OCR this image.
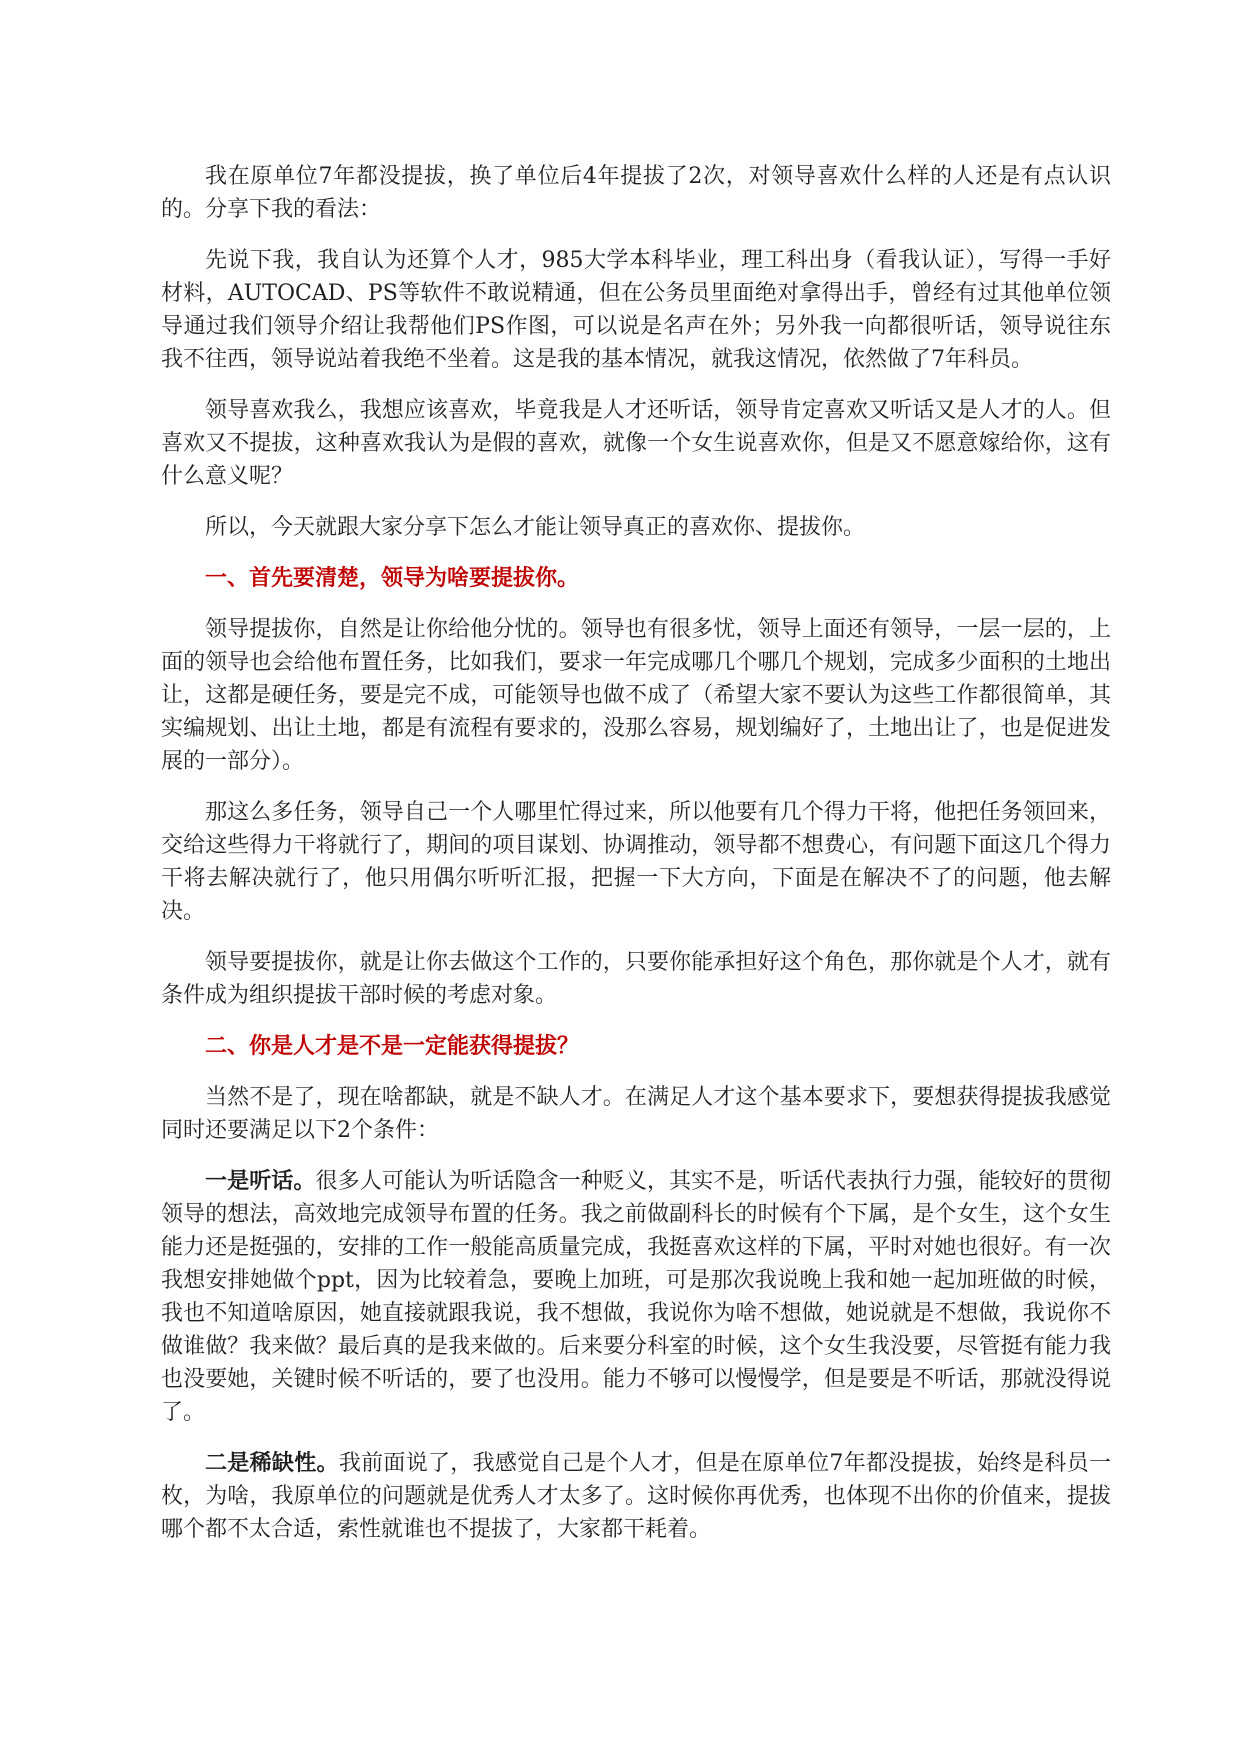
我在原单位7年都没提拔，换了单位后4年提拔了2次，对领导喜欢什么样的人还是有点认识的。分享下我的看法：

先说下我，我自认为还算个人才，985大学本科毕业，理工科出身（看我认证），写得一手好材料，AUTOCAD、PS等软件不敢说精通，但在公务员里面绝对拿得出手，曾经有过其他单位领导通过我们领导介绍让我帮他们PS作图，可以说是名声在外；另外我一向都很听话，领导说往东我不往西，领导说站着我绝不坐着。这是我的基本情况，就我这情况，依然做了7年科员。

领导喜欢我么，我想应该喜欢，毕竟我是人才还听话，领导肯定喜欢又听话又是人才的人。但喜欢又不提拔，这种喜欢我认为是假的喜欢，就像一个女生说喜欢你，但是又不愿意嫁给你，这有什么意义呢？

所以，今天就跟大家分享下怎么才能让领导真正的喜欢你、提拔你。

一、首先要清楚，领导为啥要提拔你。

领导提拔你，自然是让你给他分忧的。领导也有很多忧，领导上面还有领导，一层一层的，上面的领导也会给他布置任务，比如我们，要求一年完成哪几个哪几个规划，完成多少面积的土地出让，这都是硬任务，要是完不成，可能领导也做不成了（希望大家不要认为这些工作都很简单，其实编规划、出让土地，都是有流程有要求的，没那么容易，规划编好了，土地出让了，也是促进发展的一部分）。

那这么多任务，领导自己一个人哪里忙得过来，所以他要有几个得力干将，他把任务领回来，交给这些得力干将就行了，期间的项目谋划、协调推动，领导都不想费心，有问题下面这几个得力干将去解决就行了，他只用偶尔听听汇报，把握一下大方向，下面是在解决不了的问题，他去解决。

领导要提拔你，就是让你去做这个工作的，只要你能承担好这个角色，那你就是个人才，就有条件成为组织提拔干部时候的考虑对象。

二、你是人才是不是一定能获得提拔？

当然不是了，现在啥都缺，就是不缺人才。在满足人才这个基本要求下，要想获得提拔我感觉同时还要满足以下2个条件：

一是听话。很多人可能认为听话隐含一种贬义，其实不是，听话代表执行力强，能较好的贯彻领导的想法，高效地完成领导布置的任务。我之前做副科长的时候有个下属，是个女生，这个女生能力还是挺强的，安排的工作一般能高质量完成，我挺喜欢这样的下属，平时对她也很好。有一次我想安排她做个ppt，因为比较着急，要晚上加班，可是那次我说晚上我和她一起加班做的时候，我也不知道啥原因，她直接就跟我说，我不想做，我说你为啥不想做，她说就是不想做，我说你不做谁做？我来做？最后真的是我来做的。后来要分科室的时候，这个女生我没要，尽管挺有能力我也没要她，关键时候不听话的，要了也没用。能力不够可以慢慢学，但是要是不听话，那就没得说了。

二是稀缺性。我前面说了，我感觉自己是个人才，但是在原单位7年都没提拔，始终是科员一枚，为啥，我原单位的问题就是优秀人才太多了。这时候你再优秀，也体现不出你的价值来，提拔哪个都不太合适，索性就谁也不提拔了，大家都干耗着。
